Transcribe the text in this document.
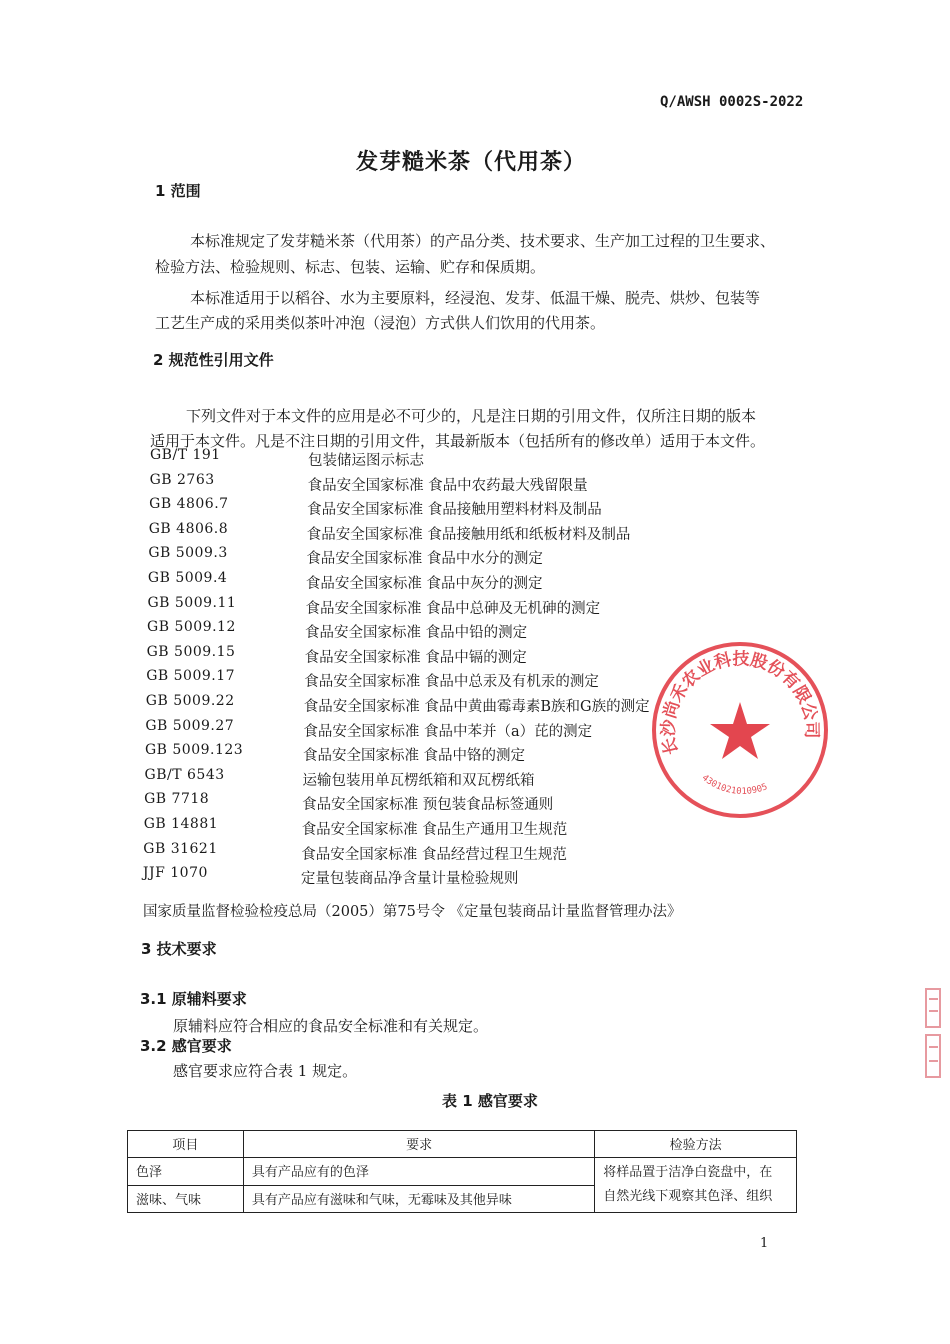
Q/AWSH 0002S-2022
发芽糙米茶（代用茶）
1 范围
本标准规定了发芽糙米茶（代用茶）的产品分类、技术要求、生产加工过程的卫生要求、
检验方法、检验规则、标志、包装、运输、贮存和保质期。
本标准适用于以稻谷、水为主要原料，经浸泡、发芽、低温干燥、脱壳、烘炒、包装等
工艺生产成的采用类似茶叶冲泡（浸泡）方式供人们饮用的代用茶。
2 规范性引用文件
下列文件对于本文件的应用是必不可少的，凡是注日期的引用文件，仅所注日期的版本
适用于本文件。凡是不注日期的引用文件，其最新版本（包括所有的修改单）适用于本文件。
GB/T 191	包装储运图示标志
GB 2763	食品安全国家标准 食品中农药最大残留限量
GB 4806.7	食品安全国家标准 食品接触用塑料材料及制品
GB 4806.8	食品安全国家标准 食品接触用纸和纸板材料及制品
GB 5009.3	食品安全国家标准 食品中水分的测定
GB 5009.4	食品安全国家标准 食品中灰分的测定
GB 5009.11	食品安全国家标准 食品中总砷及无机砷的测定
GB 5009.12	食品安全国家标准 食品中铅的测定
GB 5009.15	食品安全国家标准 食品中镉的测定
GB 5009.17	食品安全国家标准 食品中总汞及有机汞的测定
GB 5009.22	食品安全国家标准 食品中黄曲霉毒素B族和G族的测定
GB 5009.27	食品安全国家标准 食品中苯并（a）芘的测定
GB 5009.123	食品安全国家标准 食品中铬的测定
GB/T 6543	运输包装用单瓦楞纸箱和双瓦楞纸箱
GB 7718	食品安全国家标准 预包装食品标签通则
GB 14881	食品安全国家标准 食品生产通用卫生规范
GB 31621	食品安全国家标准 食品经营过程卫生规范
JJF 1070	定量包装商品净含量计量检验规则
国家质量监督检验检疫总局（2005）第75号令 《定量包装商品计量监督管理办法》
长沙尚禾农业科技股份有限公司
4301021010905
3 技术要求
3.1 原辅料要求
原辅料应符合相应的食品安全标准和有关规定。
3.2 感官要求
感官要求应符合表 1 规定。
表 1 感官要求
项目	要求	检验方法
色泽	具有产品应有的色泽	将样品置于洁净白瓷盘中，在
自然光线下观察其色泽、组织

滋味、气味	具有产品应有滋味和气味，无霉味及其他异味	
1
